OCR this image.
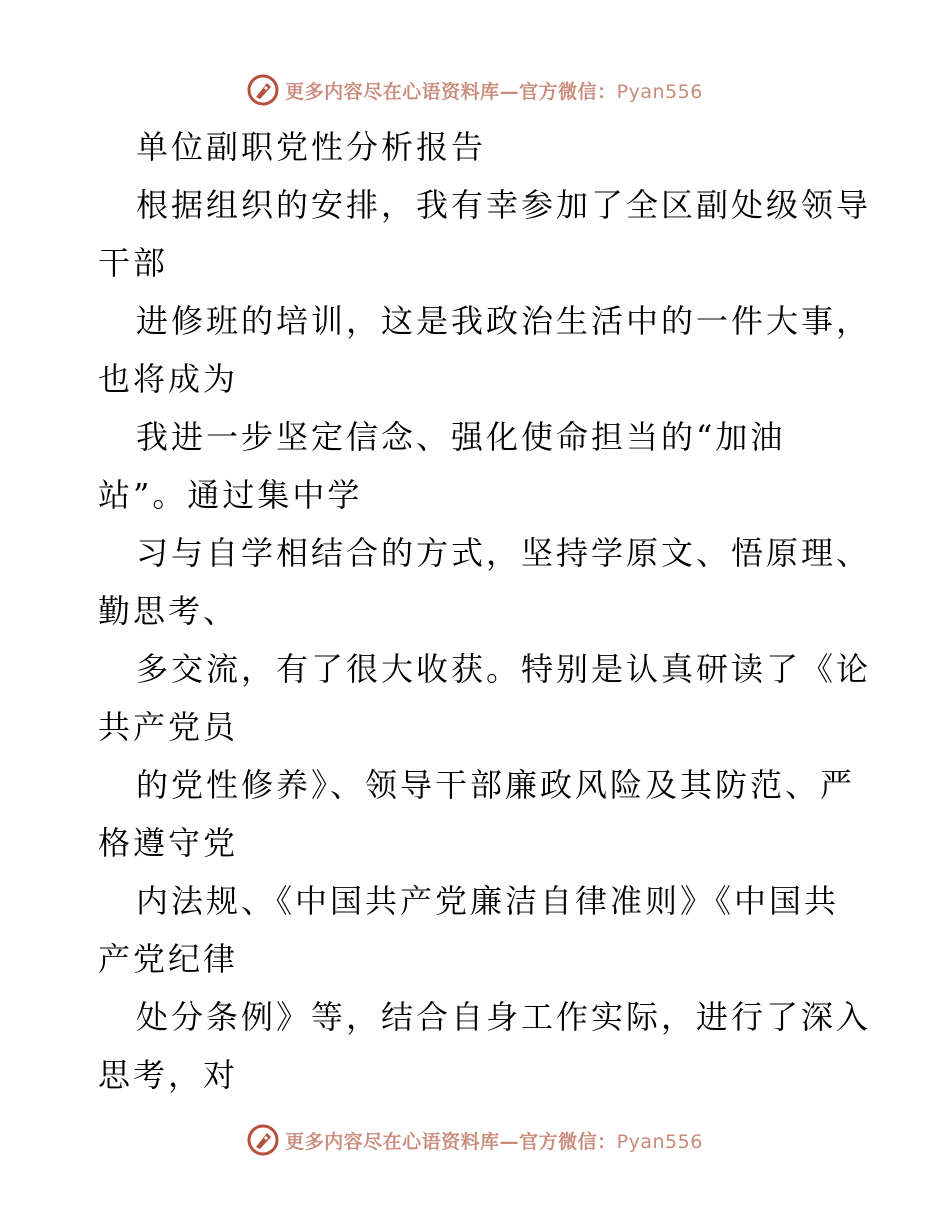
更多内容尽在心语资料库—官方微信：Pyan556
单位副职党性分析报告
根据组织的安排，我有幸参加了全区副处级领导
干部
进修班的培训，这是我政治生活中的一件大事，
也将成为
我进一步坚定信念、强化使命担当的“加油
站”。通过集中学
习与自学相结合的方式，坚持学原文、悟原理、
勤思考、
多交流，有了很大收获。特别是认真研读了《论
共产党员
的党性修养》、领导干部廉政风险及其防范、严
格遵守党
内法规、《中国共产党廉洁自律准则》《中国共
产党纪律
处分条例》等，结合自身工作实际，进行了深入
思考，对
更多内容尽在心语资料库—官方微信：Pyan556
